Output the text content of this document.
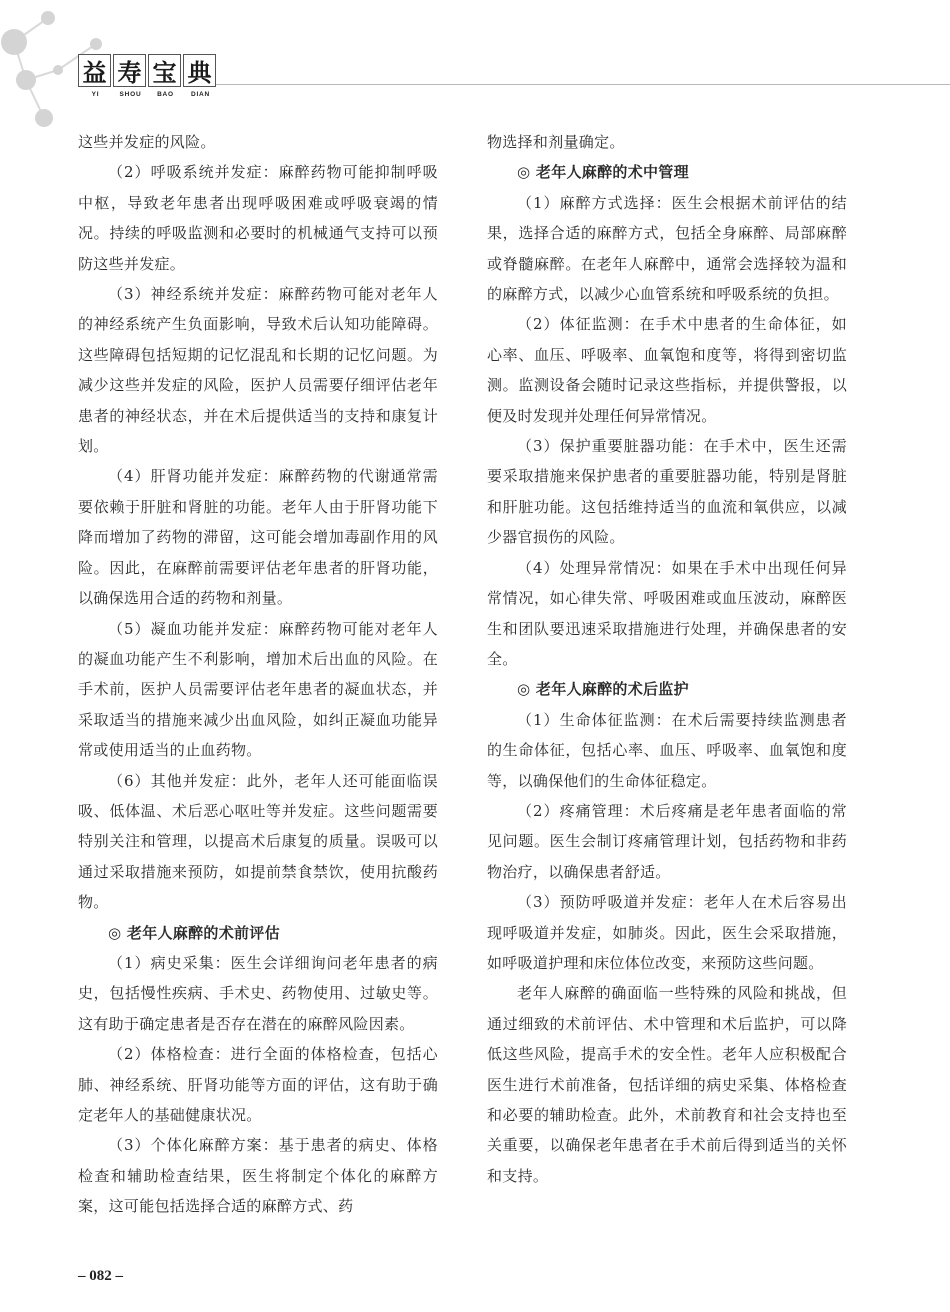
益 寿 宝 典
YI	SHOU	BAO	DIAN

这些并发症的风险。

（2）呼吸系统并发症：麻醉药物可能抑制呼吸中枢，导致老年患者出现呼吸困难或呼吸衰竭的情况。持续的呼吸监测和必要时的机械通气支持可以预防这些并发症。

（3）神经系统并发症：麻醉药物可能对老年人的神经系统产生负面影响，导致术后认知功能障碍。这些障碍包括短期的记忆混乱和长期的记忆问题。为减少这些并发症的风险，医护人员需要仔细评估老年患者的神经状态，并在术后提供适当的支持和康复计划。

（4）肝肾功能并发症：麻醉药物的代谢通常需要依赖于肝脏和肾脏的功能。老年人由于肝肾功能下降而增加了药物的滞留，这可能会增加毒副作用的风险。因此，在麻醉前需要评估老年患者的肝肾功能，以确保选用合适的药物和剂量。

（5）凝血功能并发症：麻醉药物可能对老年人的凝血功能产生不利影响，增加术后出血的风险。在手术前，医护人员需要评估老年患者的凝血状态，并采取适当的措施来减少出血风险，如纠正凝血功能异常或使用适当的止血药物。

（6）其他并发症：此外，老年人还可能面临误吸、低体温、术后恶心呕吐等并发症。这些问题需要特别关注和管理，以提高术后康复的质量。误吸可以通过采取措施来预防，如提前禁食禁饮，使用抗酸药物。

◎ 老年人麻醉的术前评估

（1）病史采集：医生会详细询问老年患者的病史，包括慢性疾病、手术史、药物使用、过敏史等。这有助于确定患者是否存在潜在的麻醉风险因素。

（2）体格检查：进行全面的体格检查，包括心肺、神经系统、肝肾功能等方面的评估，这有助于确定老年人的基础健康状况。

（3）个体化麻醉方案：基于患者的病史、体格检查和辅助检查结果，医生将制定个体化的麻醉方案，这可能包括选择合适的麻醉方式、药

物选择和剂量确定。

◎ 老年人麻醉的术中管理

（1）麻醉方式选择：医生会根据术前评估的结果，选择合适的麻醉方式，包括全身麻醉、局部麻醉或脊髓麻醉。在老年人麻醉中，通常会选择较为温和的麻醉方式，以减少心血管系统和呼吸系统的负担。

（2）体征监测：在手术中患者的生命体征，如心率、血压、呼吸率、血氧饱和度等，将得到密切监测。监测设备会随时记录这些指标，并提供警报，以便及时发现并处理任何异常情况。

（3）保护重要脏器功能：在手术中，医生还需要采取措施来保护患者的重要脏器功能，特别是肾脏和肝脏功能。这包括维持适当的血流和氧供应，以减少器官损伤的风险。

（4）处理异常情况：如果在手术中出现任何异常情况，如心律失常、呼吸困难或血压波动，麻醉医生和团队要迅速采取措施进行处理，并确保患者的安全。

◎ 老年人麻醉的术后监护

（1）生命体征监测：在术后需要持续监测患者的生命体征，包括心率、血压、呼吸率、血氧饱和度等，以确保他们的生命体征稳定。

（2）疼痛管理：术后疼痛是老年患者面临的常见问题。医生会制订疼痛管理计划，包括药物和非药物治疗，以确保患者舒适。

（3）预防呼吸道并发症：老年人在术后容易出现呼吸道并发症，如肺炎。因此，医生会采取措施，如呼吸道护理和床位体位改变，来预防这些问题。

老年人麻醉的确面临一些特殊的风险和挑战，但通过细致的术前评估、术中管理和术后监护，可以降低这些风险，提高手术的安全性。老年人应积极配合医生进行术前准备，包括详细的病史采集、体格检查和必要的辅助检查。此外，术前教育和社会支持也至关重要，以确保老年患者在手术前后得到适当的关怀和支持。

– 082 –
